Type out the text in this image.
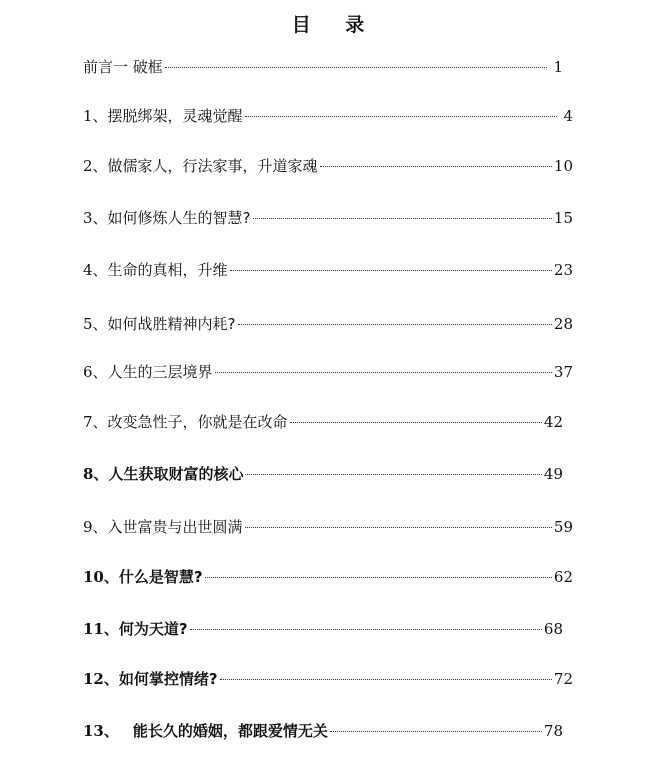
目 录
前言一 破框	1
1、 摆脱绑架，灵魂觉醒	4
2、 做儒家人，行法家事，升道家魂	10
3、 如何修炼人生的智慧?	15
4、 生命的真相，升维	23
5、 如何战胜精神内耗?	28
6、 人生的三层境界	37
7、 改变急性子，你就是在改命	42
8、 人生获取财富的核心	49
9、 入世富贵与出世圆满	59
10、 什么是智慧?	62
11、 何为天道?	68
12、 如何掌控情绪?	72
13、 能长久的婚姻，都跟爱情无关	78
